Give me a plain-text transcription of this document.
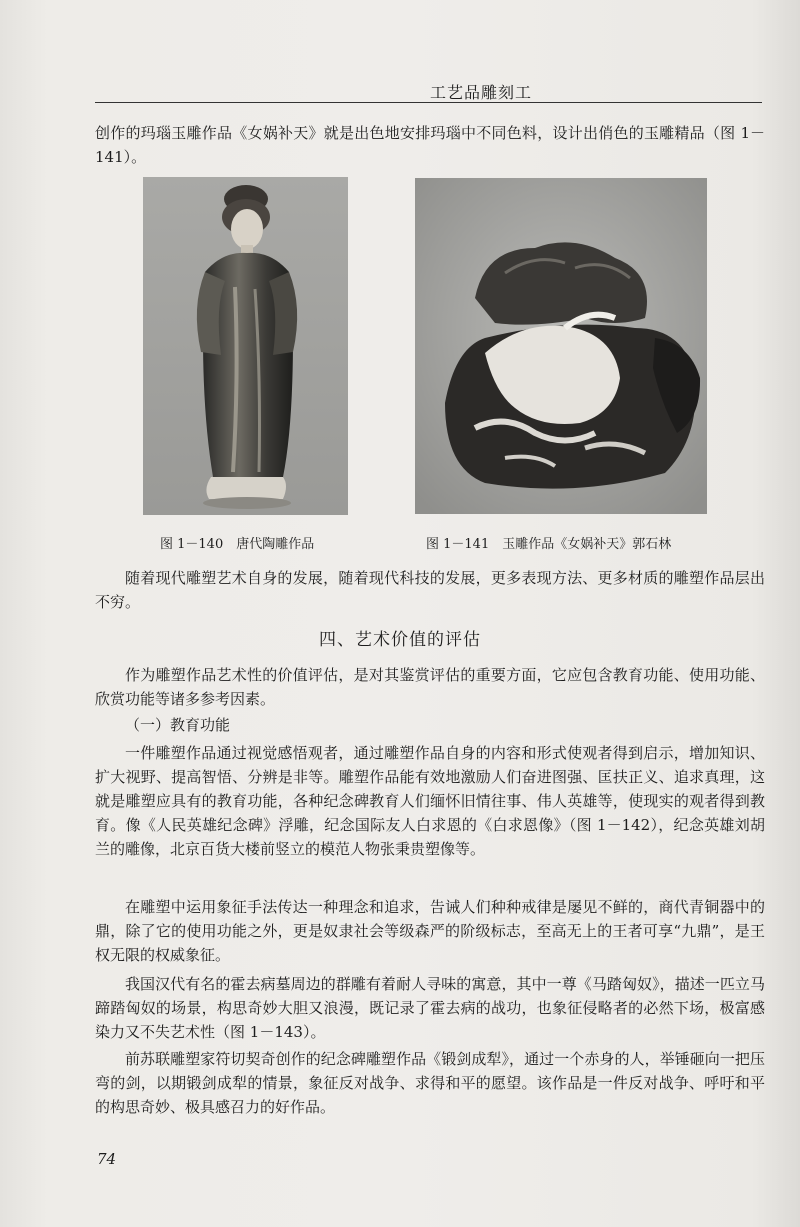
工艺品雕刻工
创作的玛瑙玉雕作品《女娲补天》就是出色地安排玛瑙中不同色料，设计出俏色的玉雕精品（图 1－141）。
图 1－140　唐代陶雕作品	图 1－141　玉雕作品《女娲补天》郭石林
随着现代雕塑艺术自身的发展，随着现代科技的发展，更多表现方法、更多材质的雕塑作品层出不穷。
四、艺术价值的评估
作为雕塑作品艺术性的价值评估，是对其鉴赏评估的重要方面，它应包含教育功能、使用功能、欣赏功能等诸多参考因素。
（一）教育功能
一件雕塑作品通过视觉感悟观者，通过雕塑作品自身的内容和形式使观者得到启示，增加知识、扩大视野、提高智悟、分辨是非等。雕塑作品能有效地激励人们奋进图强、匡扶正义、追求真理，这就是雕塑应具有的教育功能，各种纪念碑教育人们缅怀旧情往事、伟人英雄等，使现实的观者得到教育。像《人民英雄纪念碑》浮雕，纪念国际友人白求恩的《白求恩像》（图 1－142），纪念英雄刘胡兰的雕像，北京百货大楼前竖立的模范人物张秉贵塑像等。
在雕塑中运用象征手法传达一种理念和追求，告诫人们种种戒律是屡见不鲜的，商代青铜器中的鼎，除了它的使用功能之外，更是奴隶社会等级森严的阶级标志，至高无上的王者可享“九鼎”，是王权无限的权威象征。
我国汉代有名的霍去病墓周边的群雕有着耐人寻味的寓意，其中一尊《马踏匈奴》，描述一匹立马蹄踏匈奴的场景，构思奇妙大胆又浪漫，既记录了霍去病的战功，也象征侵略者的必然下场，极富感染力又不失艺术性（图 1－143）。
前苏联雕塑家符切契奇创作的纪念碑雕塑作品《锻剑成犁》，通过一个赤身的人，举锤砸向一把压弯的剑，以期锻剑成犁的情景，象征反对战争、求得和平的愿望。该作品是一件反对战争、呼吁和平的构思奇妙、极具感召力的好作品。
74
